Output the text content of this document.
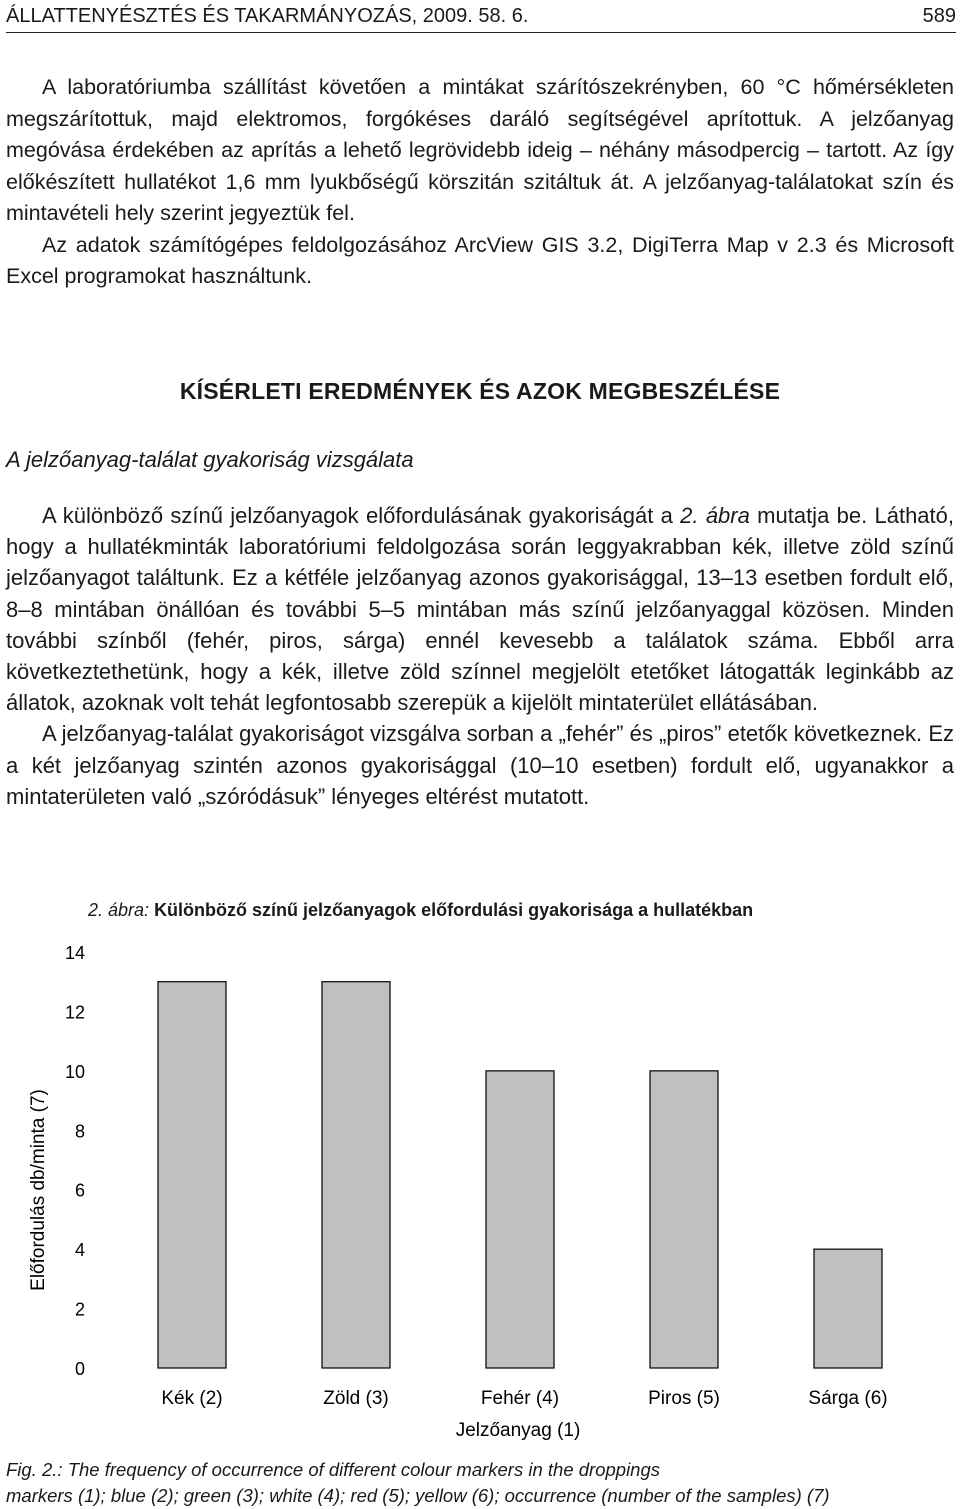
ÁLLATTENYÉSZTÉS ÉS TAKARMÁNYOZÁS, 2009. 58. 6.	589
A laboratóriumba szállítást követően a mintákat szárítószekrényben, 60 °C hőmérsékleten megszárítottuk, majd elektromos, forgókéses daráló segítségével aprítottuk. A jelzőanyag megóvása érdekében az aprítás a lehető legrövidebb ideig – néhány másodpercig – tartott. Az így előkészített hullatékot 1,6 mm lyukbőségű körszitán szitáltuk át. A jelzőanyag-találatokat szín és mintavételi hely szerint jegyeztük fel.
Az adatok számítógépes feldolgozásához ArcView GIS 3.2, DigiTerra Map v 2.3 és Microsoft Excel programokat használtunk.
KÍSÉRLETI EREDMÉNYEK ÉS AZOK MEGBESZÉLÉSE
A jelzőanyag-találat gyakoriság vizsgálata
A különböző színű jelzőanyagok előfordulásának gyakoriságát a 2. ábra mutatja be. Látható, hogy a hullatékminták laboratóriumi feldolgozása során leggyakrabban kék, illetve zöld színű jelzőanyagot találtunk. Ez a kétféle jelzőanyag azonos gyakorisággal, 13–13 esetben fordult elő, 8–8 mintában önállóan és további 5–5 mintában más színű jelzőanyaggal közösen. Minden további színből (fehér, piros, sárga) ennél kevesebb a találatok száma. Ebből arra következtethetünk, hogy a kék, illetve zöld színnel megjelölt etetőket látogatták leginkább az állatok, azoknak volt tehát legfontosabb szerepük a kijelölt mintaterület ellátásában.
A jelzőanyag-találat gyakoriságot vizsgálva sorban a „fehér” és „piros” etetők következnek. Ez a két jelzőanyag szintén azonos gyakorisággal (10–10 esetben) fordult elő, ugyanakkor a mintaterületen való „szóródásuk” lényeges eltérést mutatott.
2. ábra: Különböző színű jelzőanyagok előfordulási gyakorisága a hullatékban
0
2
4
6
8
10
12
14
Kék (2)	Zöld (3)	Fehér (4)	Piros (5)	Sárga (6)
Jelzőanyag (1)
Előfordulás db/minta (7)
Fig. 2.: The frequency of occurrence of different colour markers in the droppings
markers (1); blue (2); green (3); white (4); red (5); yellow (6); occurrence (number of the samples) (7)
